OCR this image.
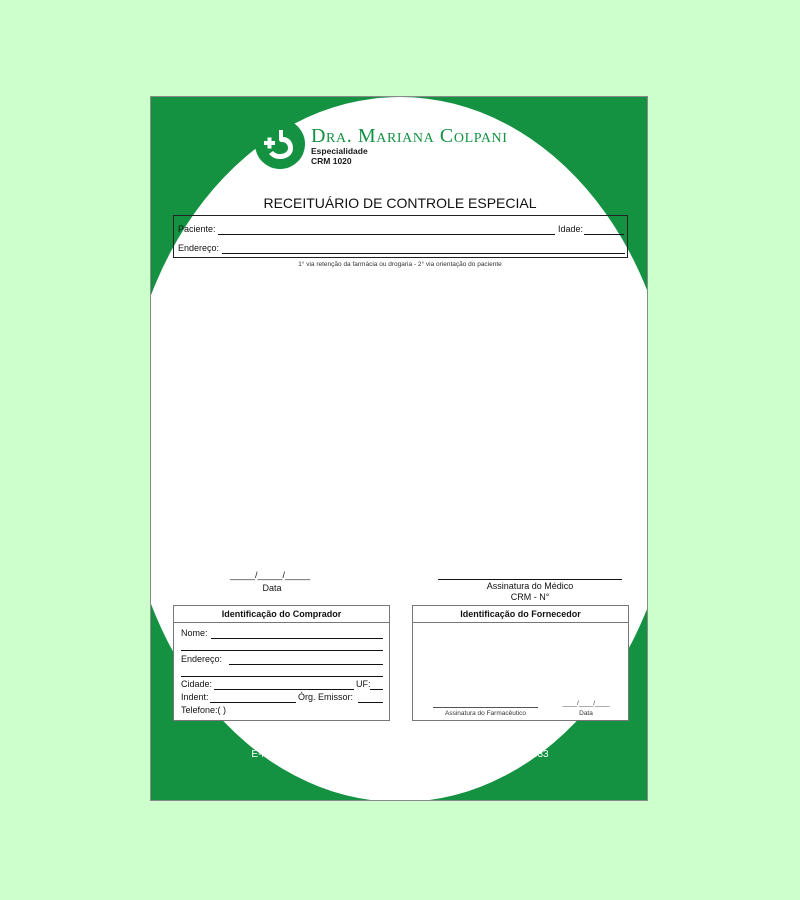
Dra. Mariana Colpani
Especialidade
CRM 1020
RECEITUÁRIO DE CONTROLE ESPECIAL
Paciente:	Idade:
Endereço:
1° via retenção da farmácia ou drogaria - 2° via orientação do paciente
_____/_____/_____
Data	Assinatura do Médico
CRM - N°
Identificação do Comprador
Nome:
Endereço:
Cidade:	UF:
Indent:	Órg. Emissor:
Telefone:( )
Identificação do Fornecedor
Assinatura do Farmacêutico
____/____/____
Data
Rua Dr. Abcd, 1234 -Centro - São Paulo SP - 00001-234
E-mail: marianacolpani@abcdef.com.br / Telefone (11) 22222-3333
www.abcdef.com.br
